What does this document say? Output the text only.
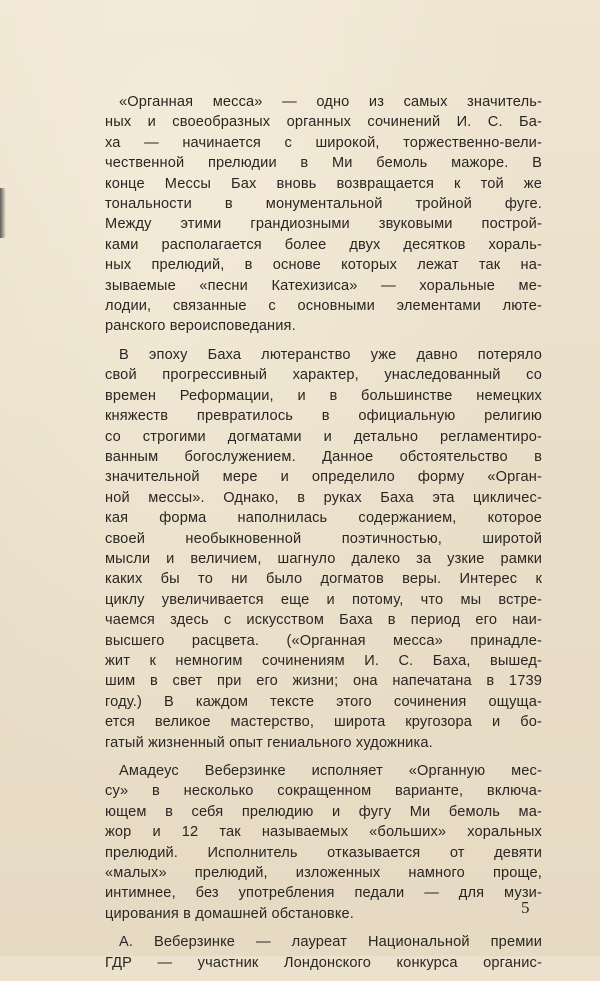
«Органная месса» — одно из самых значитель-
ных и своеобразных органных сочинений И. С. Ба-
ха — начинается с широкой, торжественно-вели-
чественной прелюдии в Ми бемоль мажоре. В
конце Мессы Бах вновь возвращается к той же
тональности в монументальной тройной фуге.
Между этими грандиозными звуковыми построй-
ками располагается более двух десятков хораль-
ных прелюдий, в основе которых лежат так на-
зываемые «песни Катехизиса» — хоральные ме-
лодии, связанные с основными элементами люте-
ранского вероисповедания.

В эпоху Баха лютеранство уже давно потеряло
свой прогрессивный характер, унаследованный со
времен Реформации, и в большинстве немецких
княжеств превратилось в официальную религию
со строгими догматами и детально регламентиро-
ванным богослужением. Данное обстоятельство в
значительной мере и определило форму «Орган-
ной мессы». Однако, в руках Баха эта цикличес-
кая форма наполнилась содержанием, которое
своей необыкновенной поэтичностью, широтой
мысли и величием, шагнуло далеко за узкие рамки
каких бы то ни было догматов веры. Интерес к
циклу увеличивается еще и потому, что мы встре-
чаемся здесь с искусством Баха в период его наи-
высшего расцвета. («Органная месса» принадле-
жит к немногим сочинениям И. С. Баха, вышед-
шим в свет при его жизни; она напечатана в 1739
году.) В каждом тексте этого сочинения ощуща-
ется великое мастерство, широта кругозора и бо-
гатый жизненный опыт гениального художника.

Амадеус Веберзинке исполняет «Органную мес-
су» в несколько сокращенном варианте, включа-
ющем в себя прелюдию и фугу Ми бемоль ма-
жор и 12 так называемых «больших» хоральных
прелюдий. Исполнитель отказывается от девяти
«малых» прелюдий, изложенных намного проще,
интимнее, без употребления педали — для музи-
цирования в домашней обстановке.

А. Веберзинке — лауреат Национальной премии
ГДР — участник Лондонского конкурса органис-

5
